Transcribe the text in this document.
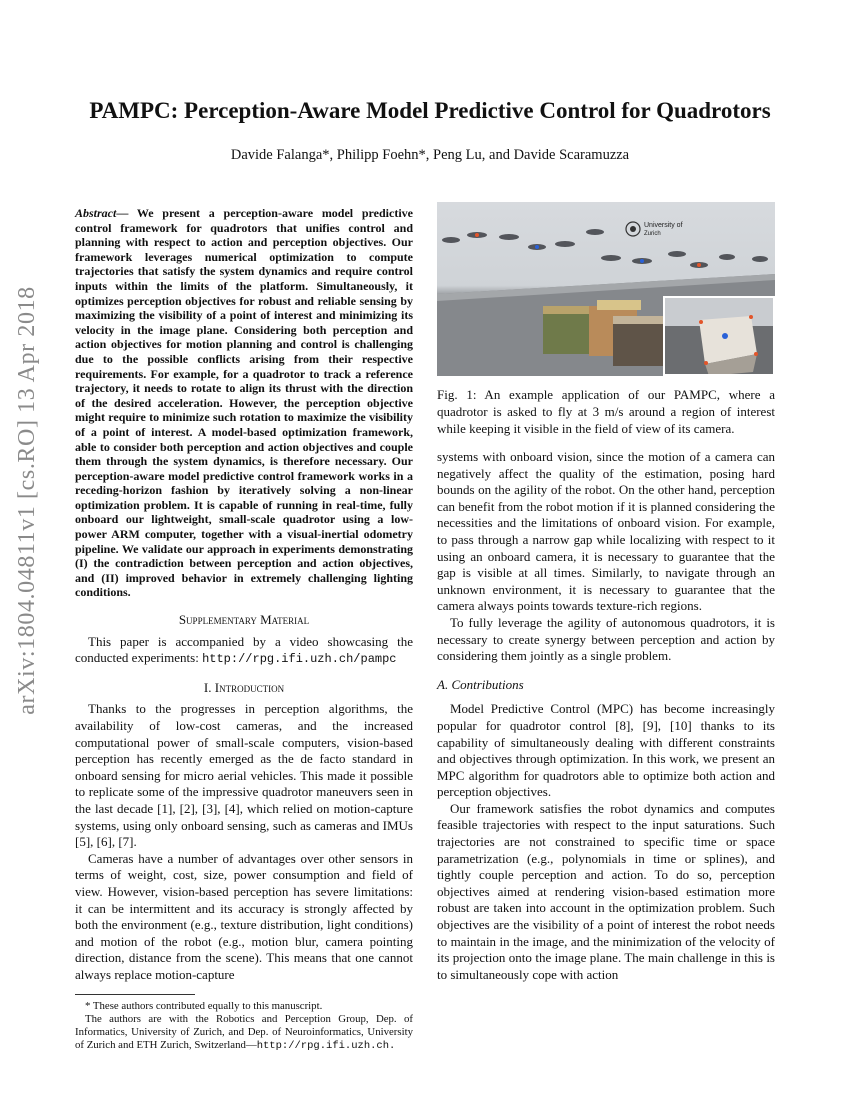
arXiv:1804.04811v1 [cs.RO] 13 Apr 2018
PAMPC: Perception-Aware Model Predictive Control for Quadrotors
Davide Falanga*, Philipp Foehn*, Peng Lu, and Davide Scaramuzza
Abstract— We present a perception-aware model predictive control framework for quadrotors that unifies control and planning with respect to action and perception objectives. Our framework leverages numerical optimization to compute trajectories that satisfy the system dynamics and require control inputs within the limits of the platform. Simultaneously, it optimizes perception objectives for robust and reliable sensing by maximizing the visibility of a point of interest and minimizing its velocity in the image plane. Considering both perception and action objectives for motion planning and control is challenging due to the possible conflicts arising from their respective requirements. For example, for a quadrotor to track a reference trajectory, it needs to rotate to align its thrust with the direction of the desired acceleration. However, the perception objective might require to minimize such rotation to maximize the visibility of a point of interest. A model-based optimization framework, able to consider both perception and action objectives and couple them through the system dynamics, is therefore necessary. Our perception-aware model predictive control framework works in a receding-horizon fashion by iteratively solving a non-linear optimization problem. It is capable of running in real-time, fully onboard our lightweight, small-scale quadrotor using a low-power ARM computer, together with a visual-inertial odometry pipeline. We validate our approach in experiments demonstrating (I) the contradiction between perception and action objectives, and (II) improved behavior in extremely challenging lighting conditions.
Supplementary Material

This paper is accompanied by a video showcasing the conducted experiments: http://rpg.ifi.uzh.ch/pampc

I. Introduction

Thanks to the progresses in perception algorithms, the availability of low-cost cameras, and the increased computational power of small-scale computers, vision-based perception has recently emerged as the de facto standard in onboard sensing for micro aerial vehicles. This made it possible to replicate some of the impressive quadrotor maneuvers seen in the last decade [1], [2], [3], [4], which relied on motion-capture systems, using only onboard sensing, such as cameras and IMUs [5], [6], [7].

Cameras have a number of advantages over other sensors in terms of weight, cost, size, power consumption and field of view. However, vision-based perception has severe limitations: it can be intermittent and its accuracy is strongly affected by both the environment (e.g., texture distribution, light conditions) and motion of the robot (e.g., motion blur, camera pointing direction, distance from the scene). This means that one cannot always replace motion-capture

* These authors contributed equally to this manuscript.

The authors are with the Robotics and Perception Group, Dep. of Informatics, University of Zurich, and Dep. of Neuroinformatics, University of Zurich and ETH Zurich, Switzerland—http://rpg.ifi.uzh.ch.

University of
Zurich
Fig. 1: An example application of our PAMPC, where a quadrotor is asked to fly at 3 m/s around a region of interest while keeping it visible in the field of view of its camera.

systems with onboard vision, since the motion of a camera can negatively affect the quality of the estimation, posing hard bounds on the agility of the robot. On the other hand, perception can benefit from the robot motion if it is planned considering the necessities and the limitations of onboard vision. For example, to pass through a narrow gap while localizing with respect to it using an onboard camera, it is necessary to guarantee that the gap is visible at all times. Similarly, to navigate through an unknown environment, it is necessary to guarantee that the camera always points towards texture-rich regions.

To fully leverage the agility of autonomous quadrotors, it is necessary to create synergy between perception and action by considering them jointly as a single problem.

A. Contributions

Model Predictive Control (MPC) has become increasingly popular for quadrotor control [8], [9], [10] thanks to its capability of simultaneously dealing with different constraints and objectives through optimization. In this work, we present an MPC algorithm for quadrotors able to optimize both action and perception objectives.

Our framework satisfies the robot dynamics and computes feasible trajectories with respect to the input saturations. Such trajectories are not constrained to specific time or space parametrization (e.g., polynomials in time or splines), and tightly couple perception and action. To do so, perception objectives aimed at rendering vision-based estimation more robust are taken into account in the optimization problem. Such objectives are the visibility of a point of interest the robot needs to maintain in the image, and the minimization of the velocity of its projection onto the image plane. The main challenge in this is to simultaneously cope with action
